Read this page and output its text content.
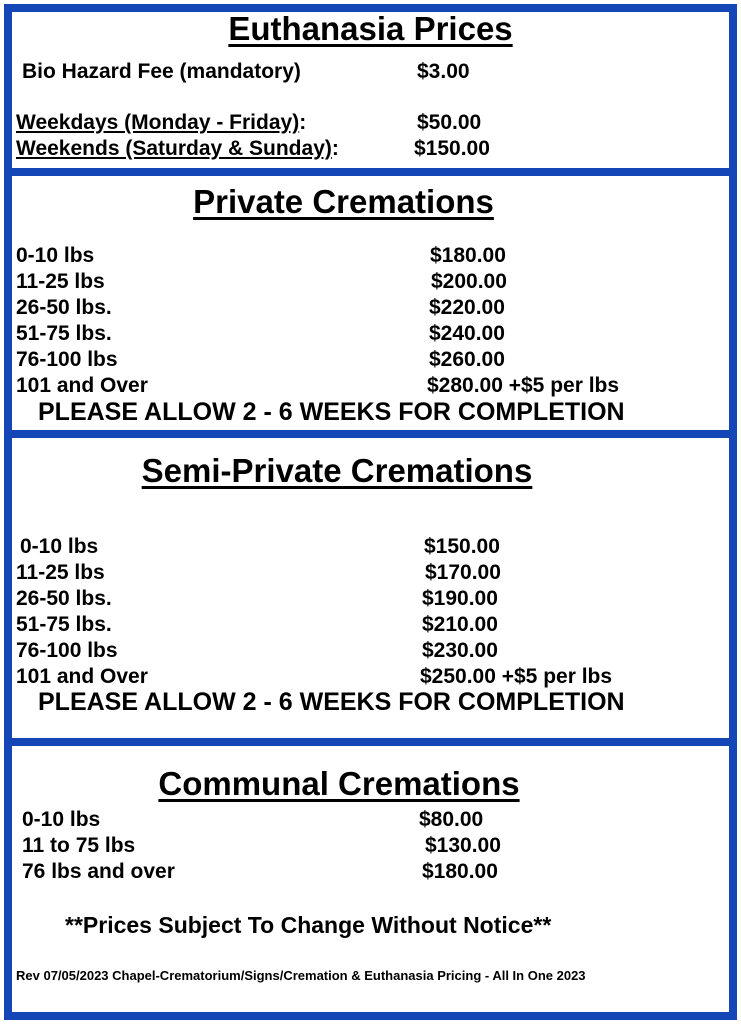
Euthanasia Prices
Bio Hazard Fee (mandatory)	$3.00
Weekdays (Monday - Friday):	$50.00
Weekends (Saturday & Sunday):	$150.00
Private Cremations
0-10 lbs	$180.00
11-25 lbs	$200.00
26-50 lbs.	$220.00
51-75 lbs.	$240.00
76-100 lbs	$260.00
101 and Over	$280.00 +$5 per lbs
PLEASE ALLOW 2 - 6 WEEKS FOR COMPLETION
Semi-Private Cremations
0-10 lbs	$150.00
11-25 lbs	$170.00
26-50 lbs.	$190.00
51-75 lbs.	$210.00
76-100 lbs	$230.00
101 and Over	$250.00 +$5 per lbs
PLEASE ALLOW 2 - 6 WEEKS FOR COMPLETION
Communal Cremations
0-10 lbs	$80.00
11 to 75 lbs	$130.00
76 lbs and over	$180.00
**Prices Subject To Change Without Notice**
Rev 07/05/2023 Chapel-Crematorium/Signs/Cremation & Euthanasia Pricing - All In One 2023
